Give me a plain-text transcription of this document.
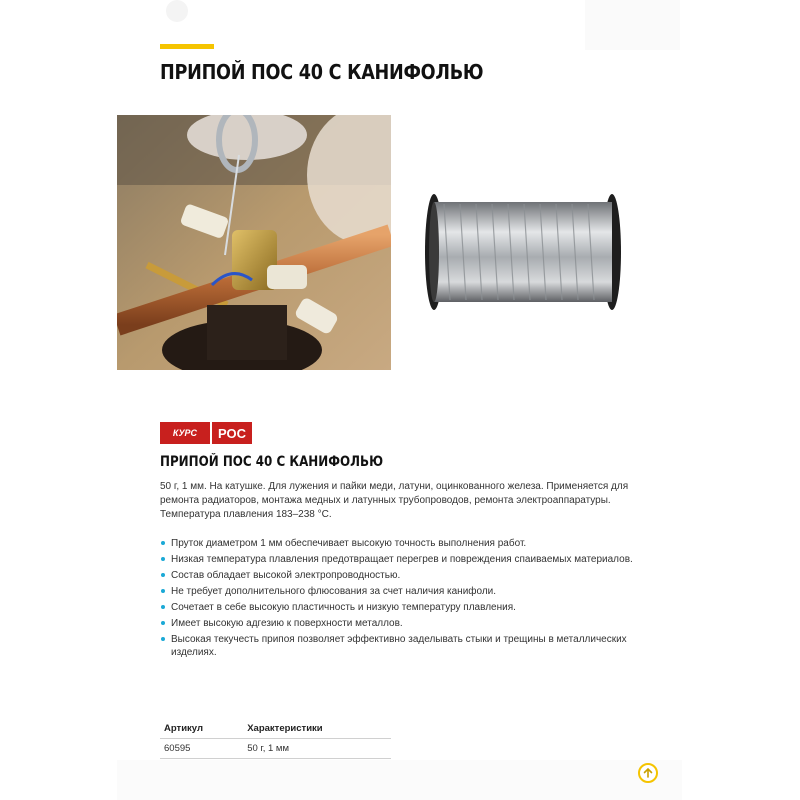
ПРИПОЙ ПОС 40 С КАНИФОЛЬЮ
КУРС РОС
ПРИПОЙ ПОС 40 С КАНИФОЛЬЮ

50 г, 1 мм. На катушке. Для лужения и пайки меди, латуни, оцинкованного железа. Применяется для ремонта радиаторов, монтажа медных и латунных трубопроводов, ремонта электроаппаратуры. Температура плавления 183–238 °С.

Пруток диаметром 1 мм обеспечивает высокую точность выполнения работ.
Низкая температура плавления предотвращает перегрев и повреждения спаиваемых материалов.
Состав обладает высокой электропроводностью.
Не требует дополнительного флюсования за счет наличия канифоли.
Сочетает в себе высокую пластичность и низкую температуру плавления.
Имеет высокую адгезию к поверхности металлов.
Высокая текучесть припоя позволяет эффективно заделывать стыки и трещины в металлических изделиях.
Артикул	Характеристики
60595	50 г, 1 мм
